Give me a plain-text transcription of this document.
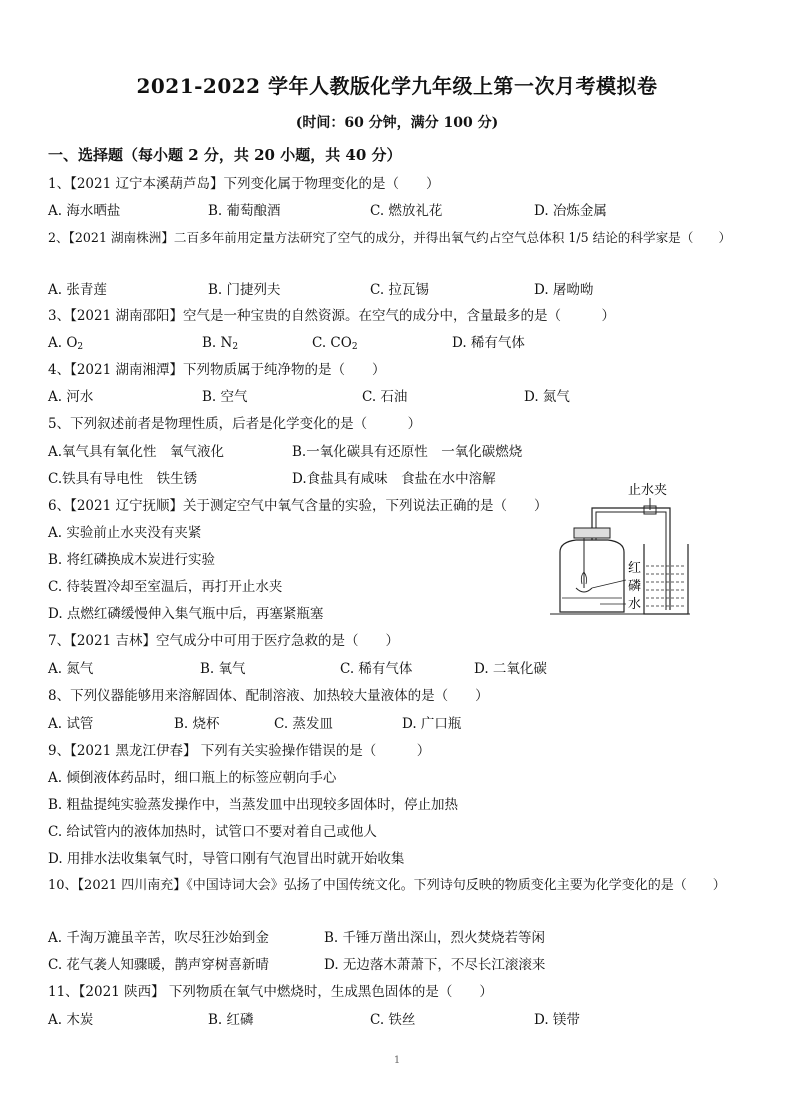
2021-2022 学年人教版化学九年级上第一次月考模拟卷
(时间：60 分钟，满分 100 分)
一、选择题（每小题 2 分，共 20 小题，共 40 分）
1、【2021 辽宁本溪葫芦岛】下列变化属于物理变化的是（　　）
A. 海水晒盐	B. 葡萄酿酒	C. 燃放礼花	D. 冶炼金属
2、【2021 湖南株洲】二百多年前用定量方法研究了空气的成分，并得出氧气约占空气总体积 1/5 结论的科学家是（　　）
A. 张青莲	B. 门捷列夫	C. 拉瓦锡	D. 屠呦呦
3、【2021 湖南邵阳】空气是一种宝贵的自然资源。在空气的成分中，含量最多的是（　　　）
A. $O_2$	B. $N_2$	C. $CO_2$	D. 稀有气体
4、【2021 湖南湘潭】下列物质属于纯净物的是（　　）
A. 河水	B. 空气	C. 石油	D. 氮气
5、下列叙述前者是物理性质，后者是化学变化的是（　　　）
A.氧气具有氧化性　氧气液化	B.一氧化碳具有还原性　一氧化碳燃烧
C.铁具有导电性　铁生锈	D.食盐具有咸味　食盐在水中溶解
6、【2021 辽宁抚顺】关于测定空气中氧气含量的实验，下列说法正确的是（　　）
A. 实验前止水夹没有夹紧
B. 将红磷换成木炭进行实验
C. 待装置冷却至室温后，再打开止水夹
D. 点燃红磷缓慢伸入集气瓶中后，再塞紧瓶塞
止水夹
红
磷
水
7、【2021 吉林】空气成分中可用于医疗急救的是（　　）
A. 氮气	B. 氧气	C. 稀有气体	D. 二氧化碳
8、下列仪器能够用来溶解固体、配制溶液、加热较大量液体的是（　　）
A. 试管	B. 烧杯	C. 蒸发皿	D. 广口瓶
9、【2021 黑龙江伊春】 下列有关实验操作错误的是（　　　）
A. 倾倒液体药品时，细口瓶上的标签应朝向手心
B. 粗盐提纯实验蒸发操作中，当蒸发皿中出现较多固体时，停止加热
C. 给试管内的液体加热时，试管口不要对着自己或他人
D. 用排水法收集氧气时，导管口刚有气泡冒出时就开始收集
10、【2021 四川南充】《中国诗词大会》弘扬了中国传统文化。下列诗句反映的物质变化主要为化学变化的是（　　）
A. 千淘万漉虽辛苦，吹尽狂沙始到金	B. 千锤万凿出深山，烈火焚烧若等闲
C. 花气袭人知骤暖，鹊声穿树喜新晴	D. 无边落木萧萧下，不尽长江滚滚来
11、【2021 陕西】 下列物质在氧气中燃烧时，生成黑色固体的是（　　）
A. 木炭	B. 红磷	C. 铁丝	D. 镁带
1
